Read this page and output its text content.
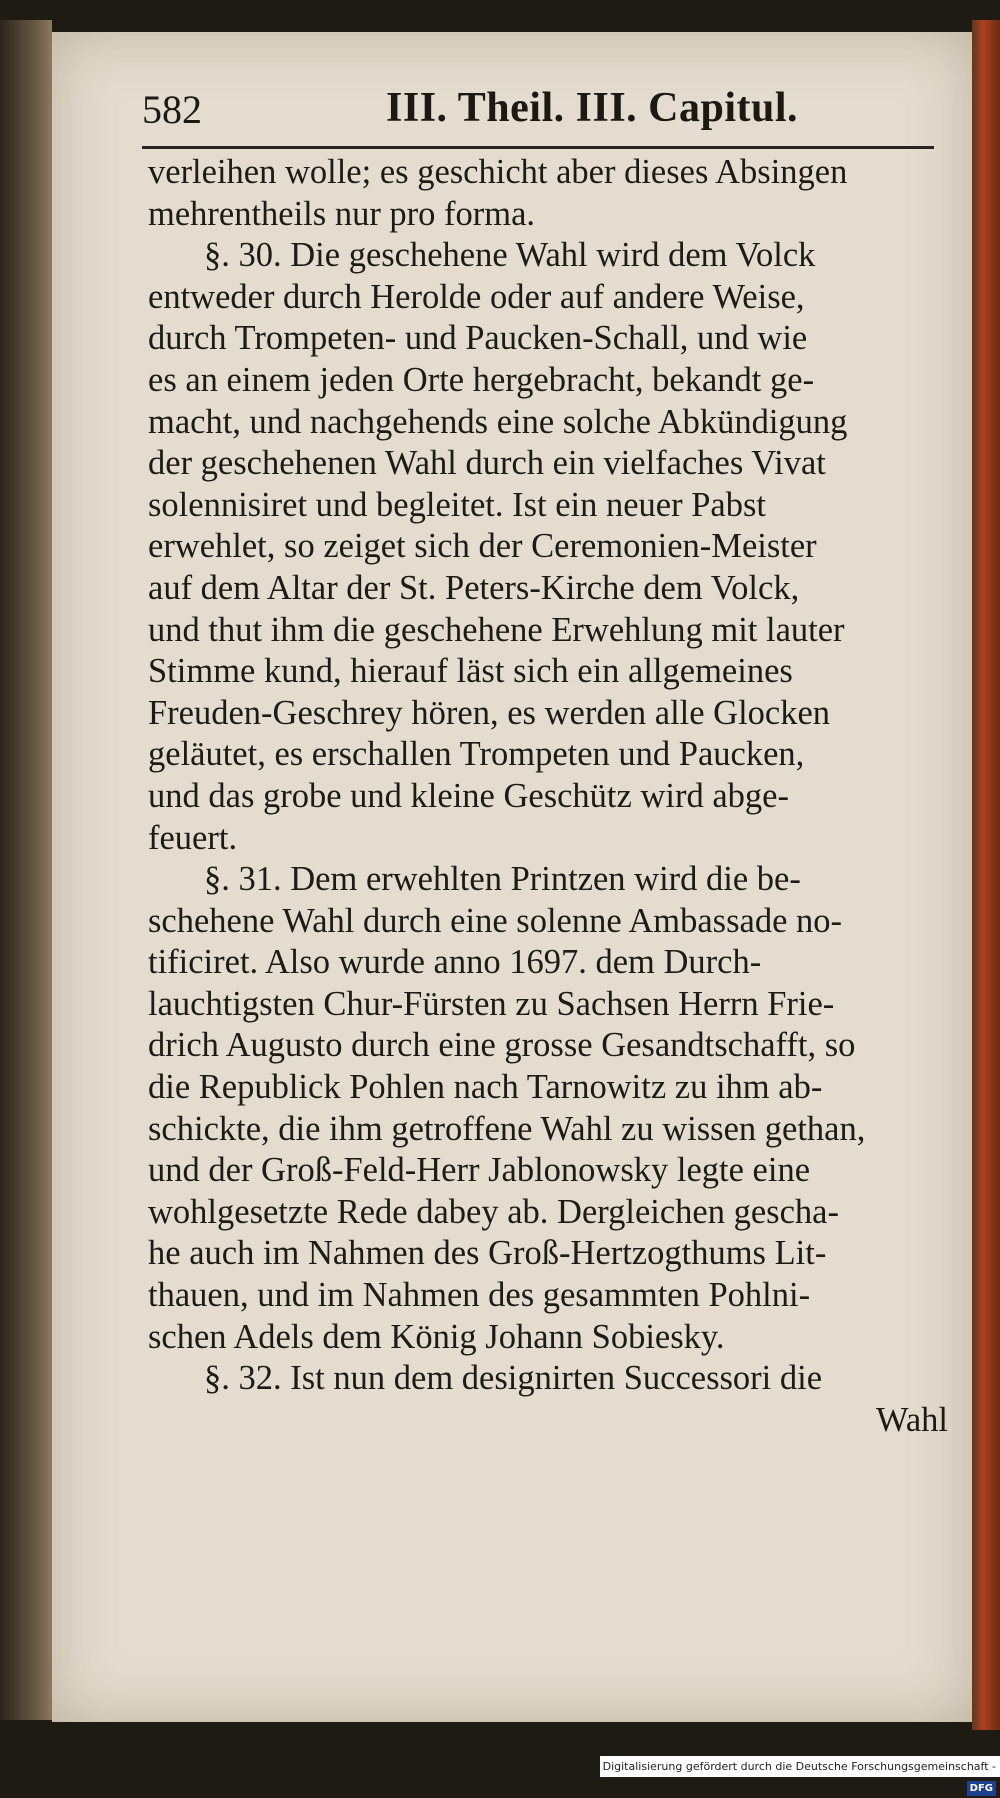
582	III. Theil. III. Capitul.
verleihen wolle; es geschicht aber dieses Absingen
mehrentheils nur pro forma.
§. 30. Die geschehene Wahl wird dem Volck
entweder durch Herolde oder auf andere Weise,
durch Trompeten- und Paucken-Schall, und wie
es an einem jeden Orte hergebracht, bekandt ge-
macht, und nachgehends eine solche Abkündigung
der geschehenen Wahl durch ein vielfaches Vivat
solennisiret und begleitet. Ist ein neuer Pabst
erwehlet, so zeiget sich der Ceremonien-Meister
auf dem Altar der St. Peters-Kirche dem Volck,
und thut ihm die geschehene Erwehlung mit lauter
Stimme kund, hierauf läst sich ein allgemeines
Freuden-Geschrey hören, es werden alle Glocken
geläutet, es erschallen Trompeten und Paucken,
und das grobe und kleine Geschütz wird abge-
feuert.
§. 31. Dem erwehlten Printzen wird die be-
schehene Wahl durch eine solenne Ambassade no-
tificiret. Also wurde anno 1697. dem Durch-
lauchtigsten Chur-Fürsten zu Sachsen Herrn Frie-
drich Augusto durch eine grosse Gesandtschafft, so
die Republick Pohlen nach Tarnowitz zu ihm ab-
schickte, die ihm getroffene Wahl zu wissen gethan,
und der Groß-Feld-Herr Jablonowsky legte eine
wohlgesetzte Rede dabey ab. Dergleichen gescha-
he auch im Nahmen des Groß-Hertzogthums Lit-
thauen, und im Nahmen des gesammten Pohlni-
schen Adels dem König Johann Sobiesky.
§. 32. Ist nun dem designirten Successori die
Wahl
Digitalisierung gefördert durch die Deutsche Forschungsgemeinschaft -DFG
